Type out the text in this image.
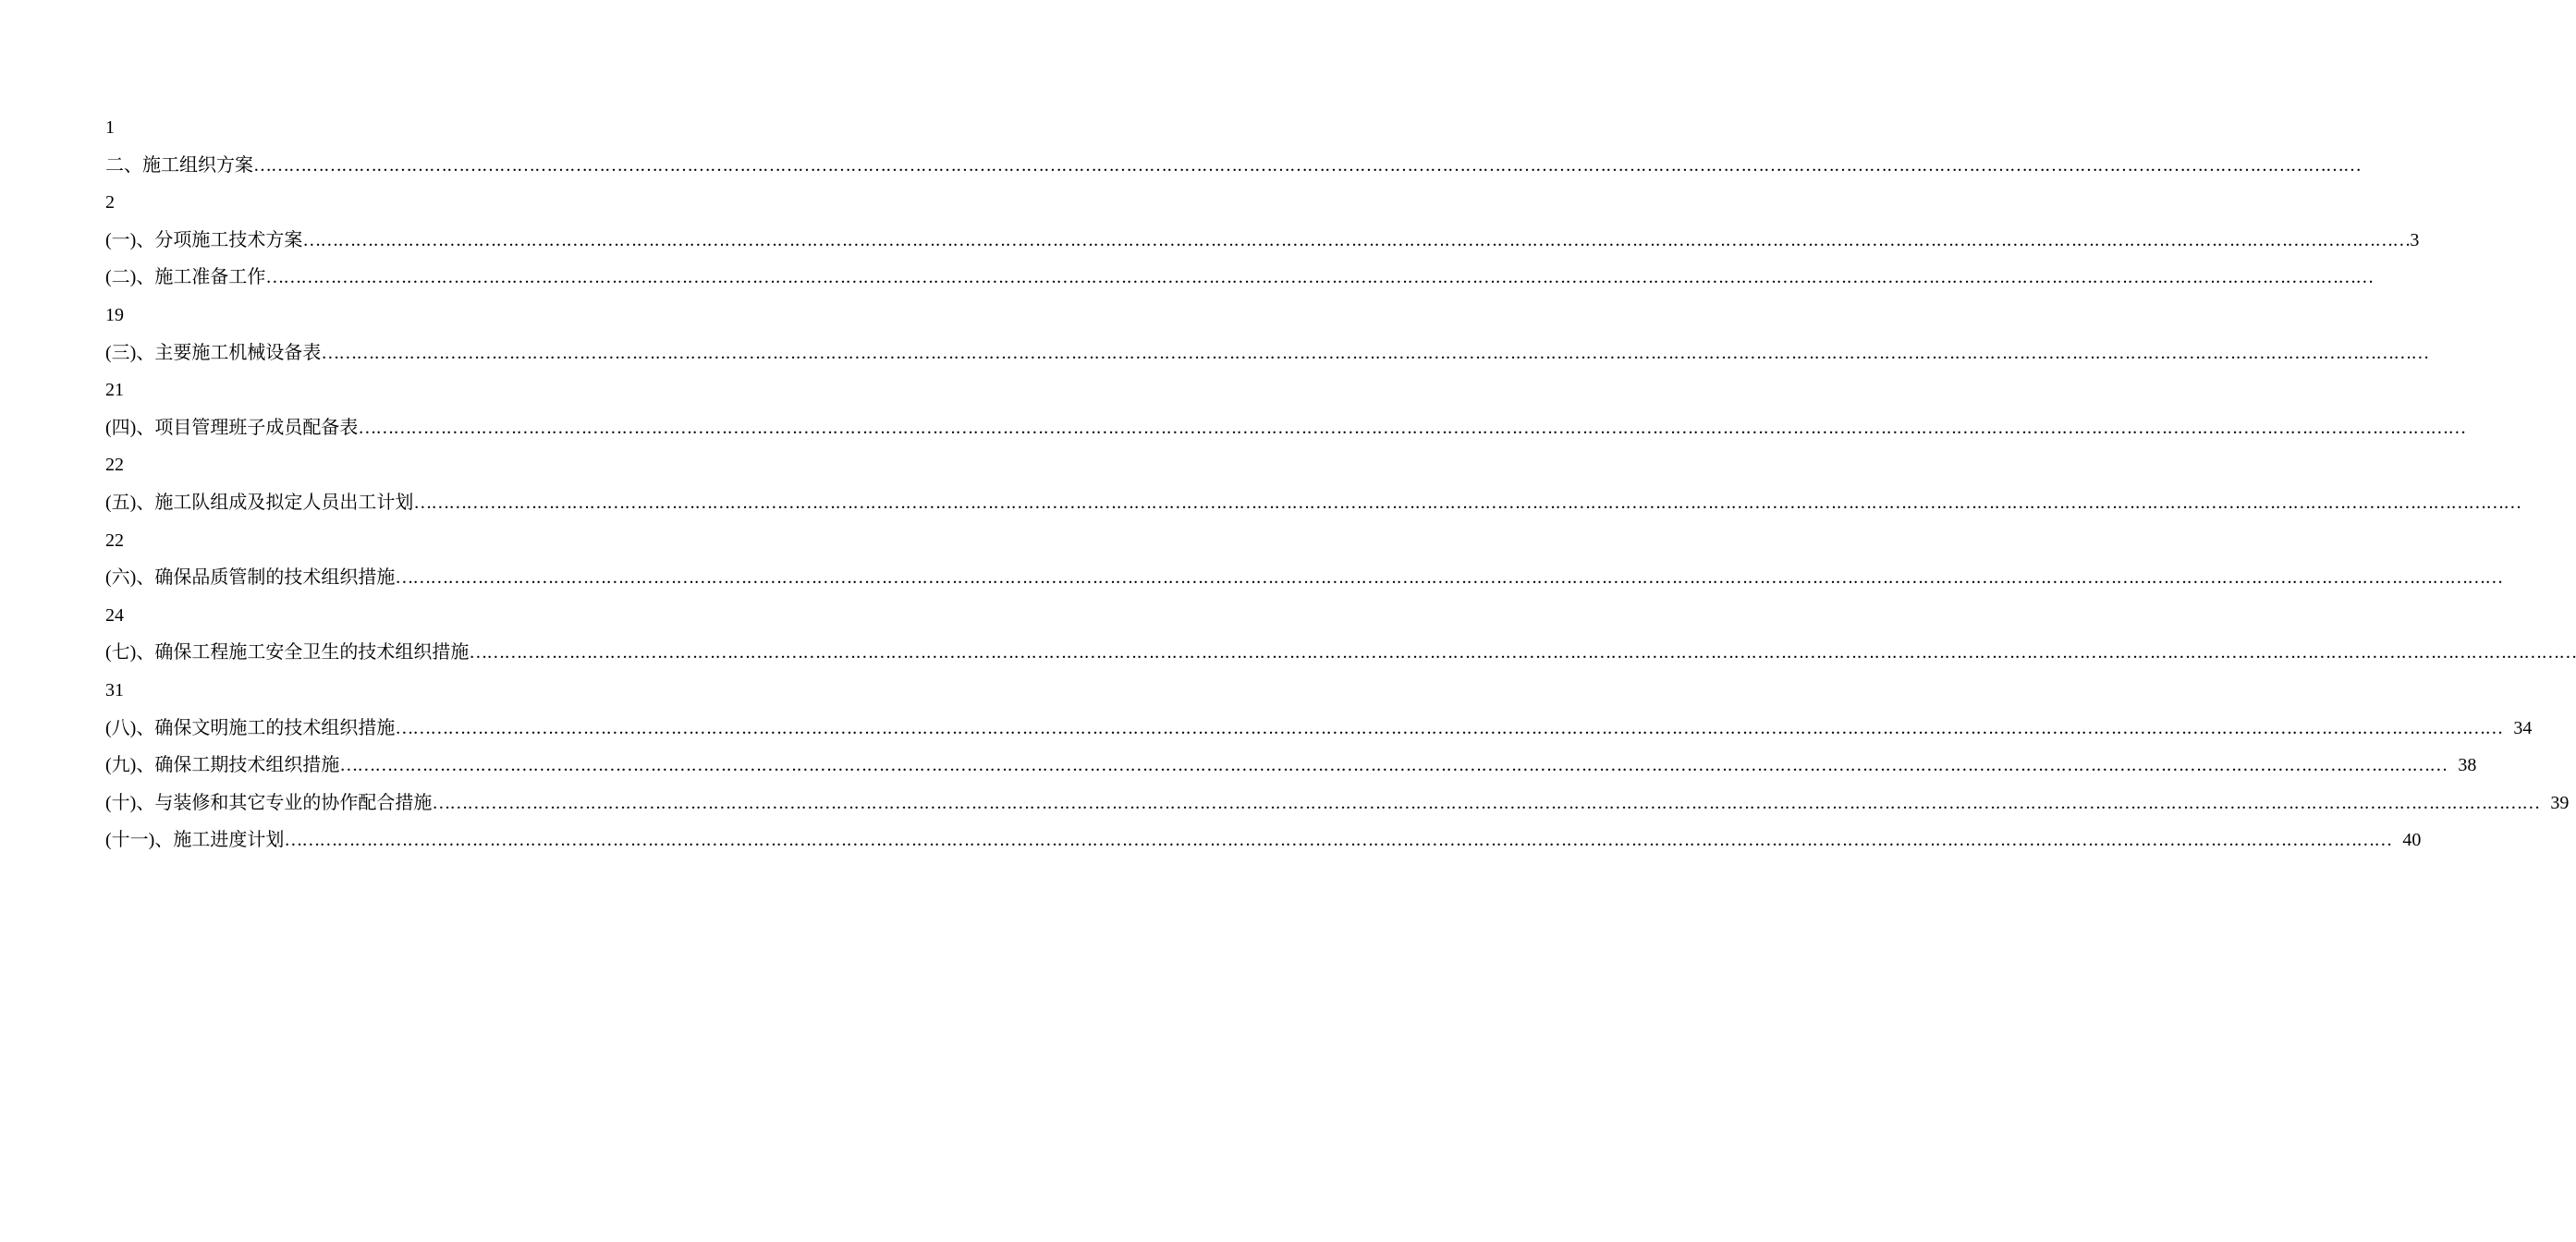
1
二、施工组织方案 ………………………………………………………………………………………………………………………………………………………………………………………………………………………………………………………………………………………………………………………………
2
(一)、分项施工技术方案 ……………………………………………………………………………………………………………………………………………………………………………………………………………………………………………………………………………………………………………………………… 3
(二)、施工准备工作 ………………………………………………………………………………………………………………………………………………………………………………………………………………………………………………………………………………………………………………………………
19
(三)、主要施工机械设备表 ………………………………………………………………………………………………………………………………………………………………………………………………………………………………………………………………………………………………………………………………
21
(四)、项目管理班子成员配备表 ………………………………………………………………………………………………………………………………………………………………………………………………………………………………………………………………………………………………………………………………
22
(五)、施工队组成及拟定人员出工计划 ………………………………………………………………………………………………………………………………………………………………………………………………………………………………………………………………………………………………………………………………
22
(六)、确保品质管制的技术组织措施 ………………………………………………………………………………………………………………………………………………………………………………………………………………………………………………………………………………………………………………………………
24
(七)、确保工程施工安全卫生的技术组织措施 ………………………………………………………………………………………………………………………………………………………………………………………………………………………………………………………………………………………………………………………………
31
(八)、确保文明施工的技术组织措施 ……………………………………………………………………………………………………………………………………………………………………………………………………………………………………………………………………………………………………………………………… 34
(九)、确保工期技术组织措施 ……………………………………………………………………………………………………………………………………………………………………………………………………………………………………………………………………………………………………………………………… 38
(十)、与装修和其它专业的协作配合措施 ……………………………………………………………………………………………………………………………………………………………………………………………………………………………………………………………………………………………………………………………… 39
(十一)、施工进度计划 ……………………………………………………………………………………………………………………………………………………………………………………………………………………………………………………………………………………………………………………………… 40
